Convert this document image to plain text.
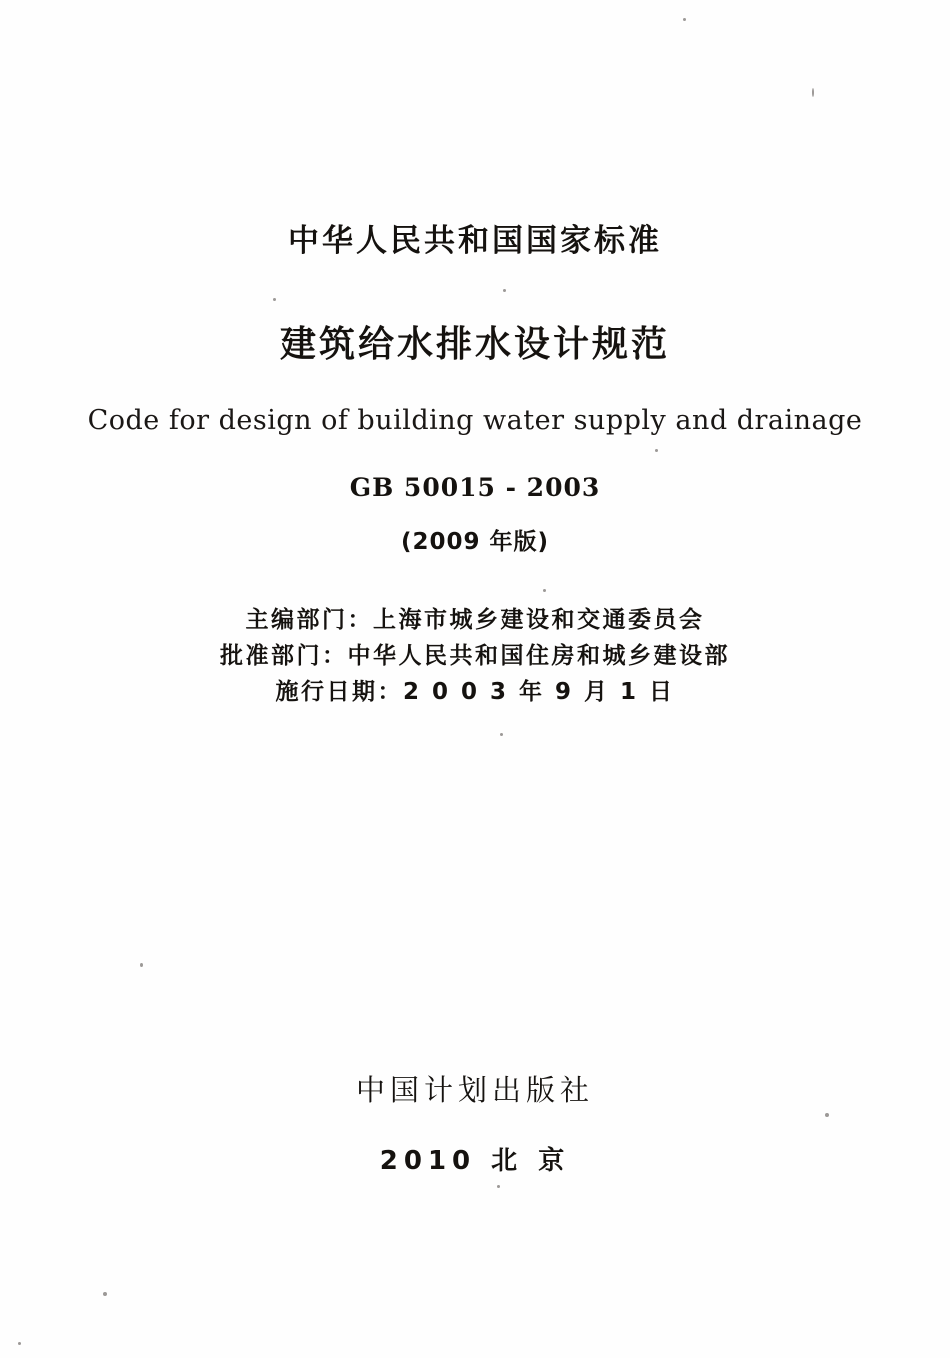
中华人民共和国国家标准
建筑给水排水设计规范
Code for design of building water supply and drainage
GB 50015 - 2003
(2009 年版)
主编部门：上海市城乡建设和交通委员会
批准部门：中华人民共和国住房和城乡建设部
施行日期：2 0 0 3 年 9 月 1 日
中国计划出版社
2010 北 京
